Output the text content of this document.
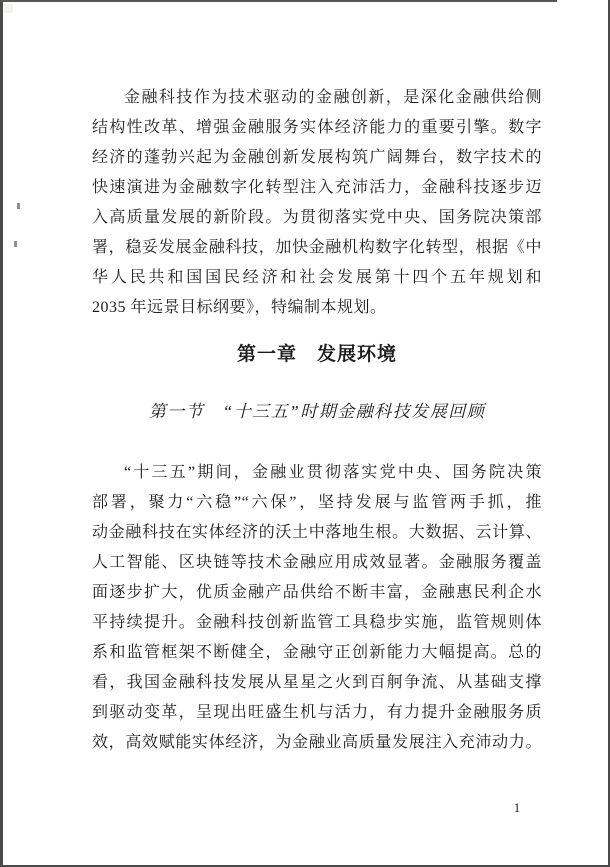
金融科技作为技术驱动的金融创新，是深化金融供给侧
结构性改革、增强金融服务实体经济能力的重要引擎。数字
经济的蓬勃兴起为金融创新发展构筑广阔舞台，数字技术的
快速演进为金融数字化转型注入充沛活力，金融科技逐步迈
入高质量发展的新阶段。为贯彻落实党中央、国务院决策部
署，稳妥发展金融科技，加快金融机构数字化转型，根据《中
华人民共和国国民经济和社会发展第十四个五年规划和
2035 年远景目标纲要》，特编制本规划。
第一章　发展环境
第一节　“十三五”时期金融科技发展回顾
“十三五”期间，金融业贯彻落实党中央、国务院决策
部署，聚力“六稳”“六保”，坚持发展与监管两手抓，推
动金融科技在实体经济的沃土中落地生根。大数据、云计算、
人工智能、区块链等技术金融应用成效显著。金融服务覆盖
面逐步扩大，优质金融产品供给不断丰富，金融惠民利企水
平持续提升。金融科技创新监管工具稳步实施，监管规则体
系和监管框架不断健全，金融守正创新能力大幅提高。总的
看，我国金融科技发展从星星之火到百舸争流、从基础支撑
到驱动变革，呈现出旺盛生机与活力，有力提升金融服务质
效，高效赋能实体经济，为金融业高质量发展注入充沛动力。
1
